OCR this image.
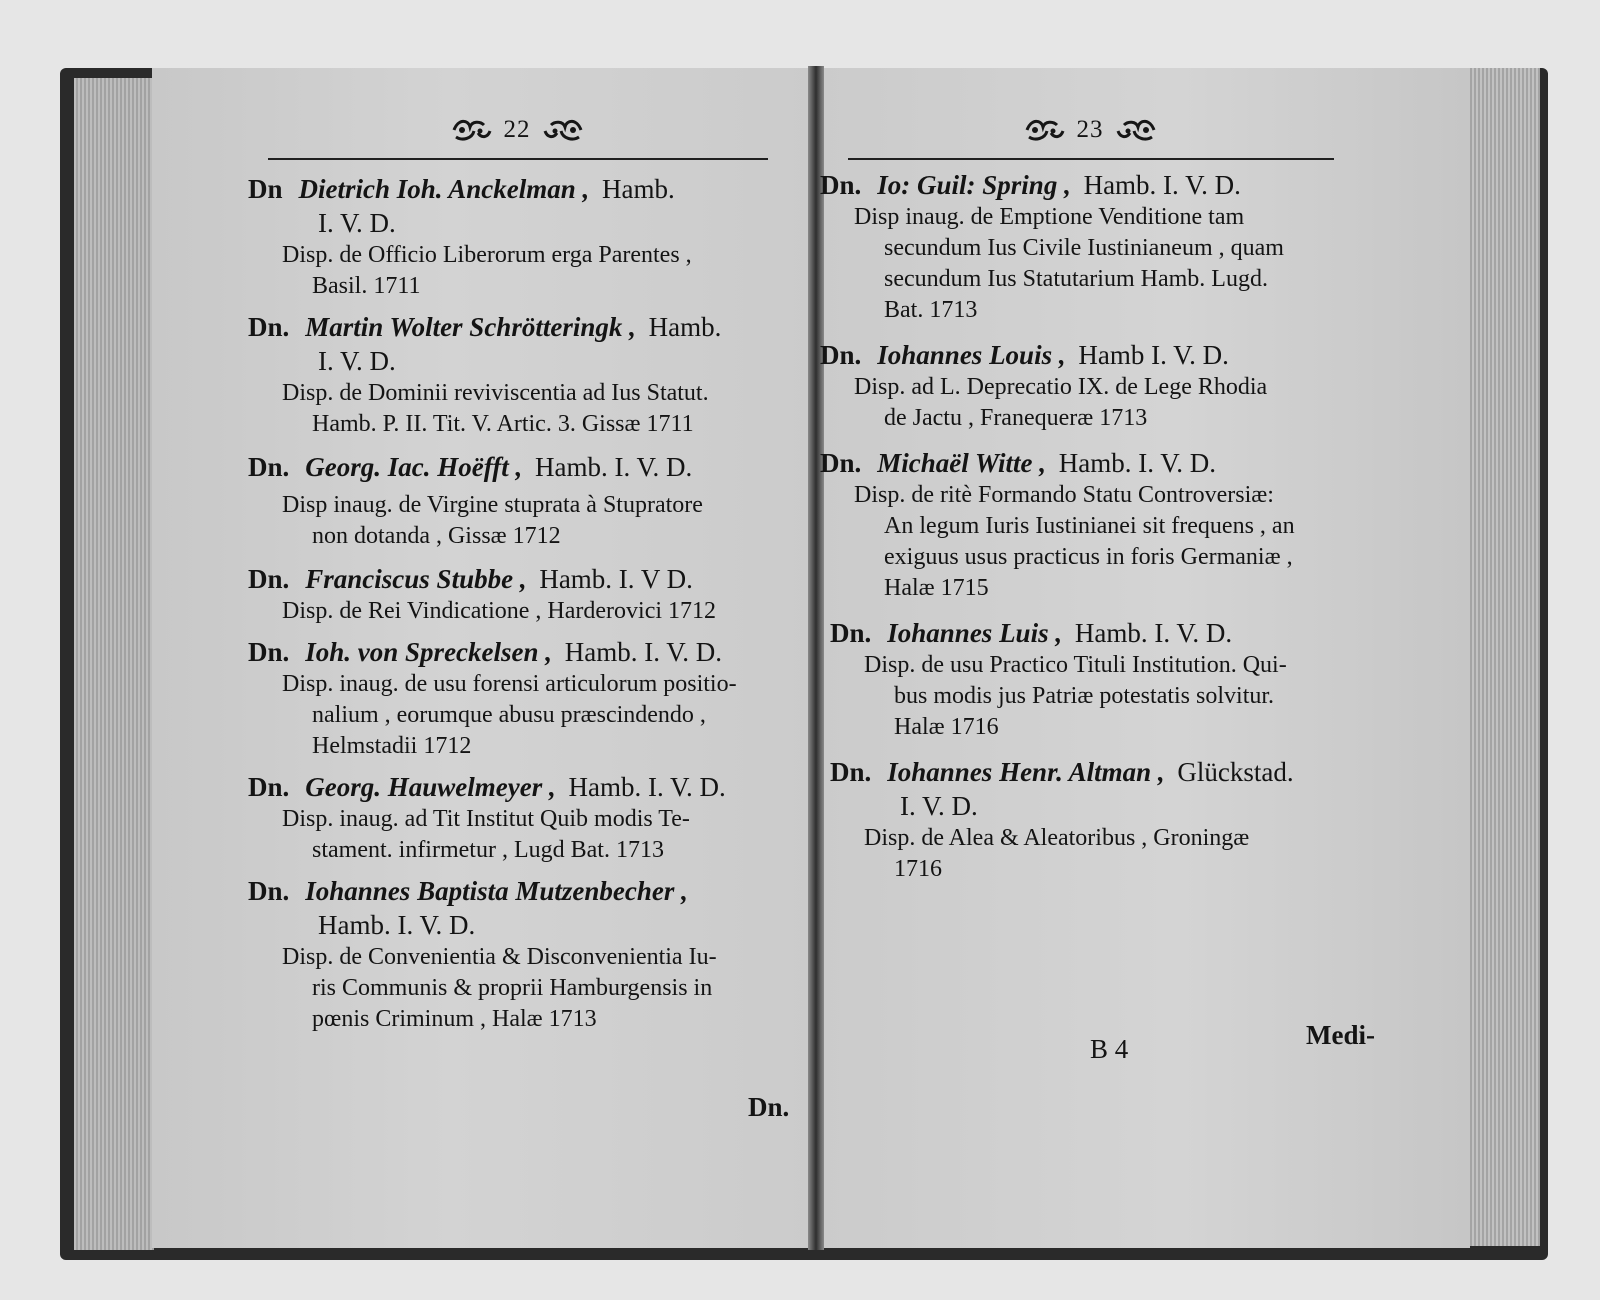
22	23
Dn Dietrich Ioh. Anckelman , Hamb.
I. V. D.
Disp. de Officio Liberorum erga Parentes ,
Basil. 1711
Dn. Martin Wolter Schrötteringk , Hamb.
I. V. D.
Disp. de Dominii reviviscentia ad Ius Statut.
Hamb. P. II. Tit. V. Artic. 3. Gissæ 1711
Dn. Georg. Iac. Hoëfft , Hamb. I. V. D.
Disp inaug. de Virgine stuprata à Stupratore
non dotanda , Gissæ 1712
Dn. Franciscus Stubbe , Hamb. I. V D.
Disp. de Rei Vindicatione , Harderovici 1712
Dn. Ioh. von Spreckelsen , Hamb. I. V. D.
Disp. inaug. de usu forensi articulorum positio-
nalium , eorumque abusu præscindendo ,
Helmstadii 1712
Dn. Georg. Hauwelmeyer , Hamb. I. V. D.
Disp. inaug. ad Tit Institut Quib modis Te-
stament. infirmetur , Lugd Bat. 1713
Dn. Iohannes Baptista Mutzenbecher ,
Hamb. I. V. D.
Disp. de Convenientia & Disconvenientia Iu-
ris Communis & proprii Hamburgensis in
pœnis Criminum , Halæ 1713
Dn.
Dn. Io: Guil: Spring , Hamb. I. V. D.
Disp inaug. de Emptione Venditione tam
secundum Ius Civile Iustinianeum , quam
secundum Ius Statutarium Hamb. Lugd.
Bat. 1713
Dn. Iohannes Louis , Hamb I. V. D.
Disp. ad L. Deprecatio IX. de Lege Rhodia
de Jactu , Franequeræ 1713
Dn. Michaël Witte , Hamb. I. V. D.
Disp. de ritè Formando Statu Controversiæ:
An legum Iuris Iustinianei sit frequens , an
exiguus usus practicus in foris Germaniæ ,
Halæ 1715
Dn. Iohannes Luis , Hamb. I. V. D.
Disp. de usu Practico Tituli Institution. Qui-
bus modis jus Patriæ potestatis solvitur.
Halæ 1716
Dn. Iohannes Henr. Altman , Glückstad.
I. V. D.
Disp. de Alea & Aleatoribus , Groningæ
1716
B 4	Medi-
